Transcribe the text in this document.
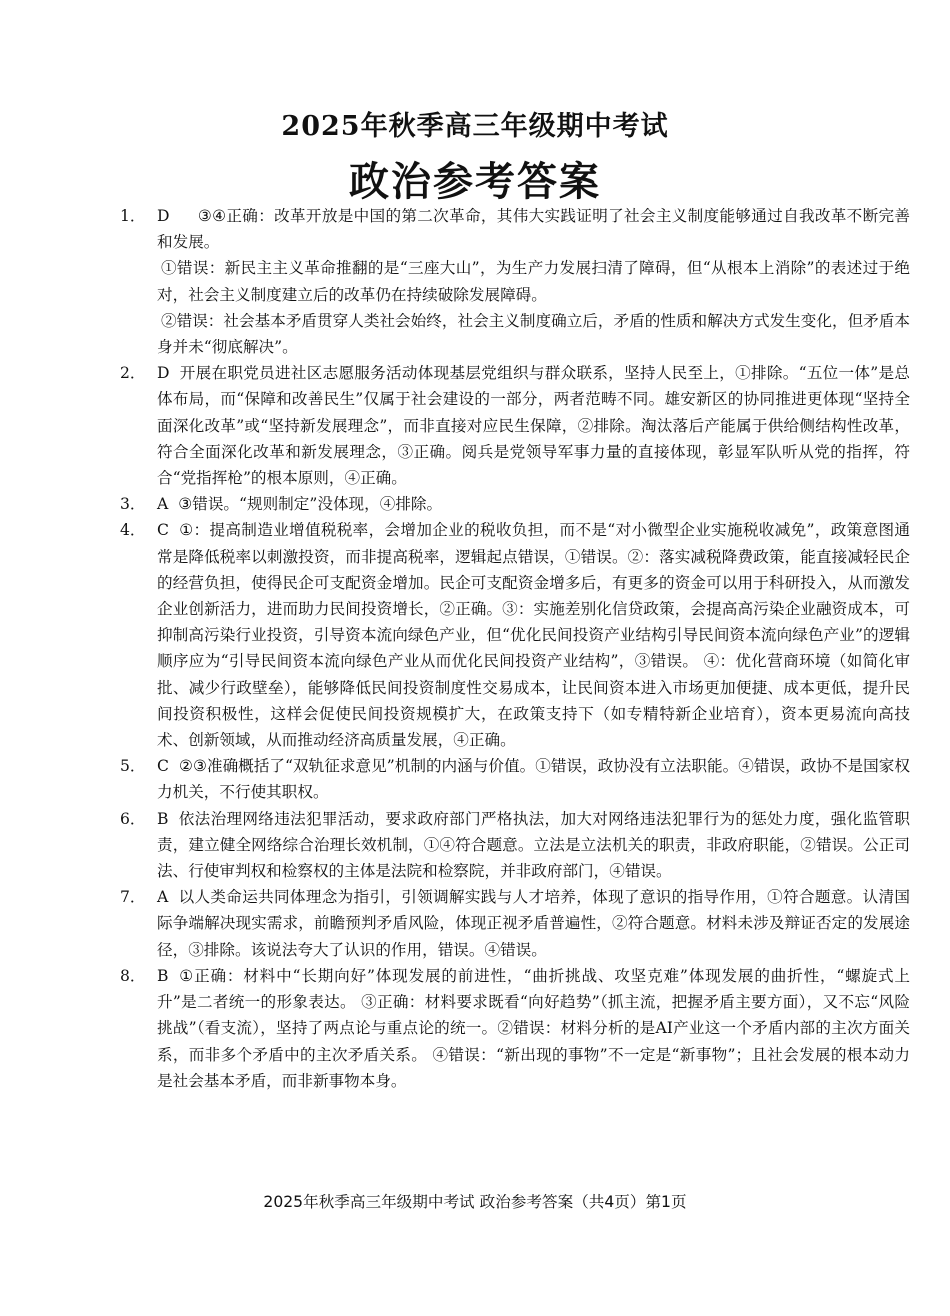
2025年秋季高三年级期中考试
政治参考答案
1． D ③④正确：改革开放是中国的第二次革命，其伟大实践证明了社会主义制度能够通过自我改革不断完善和发展。

①错误：新民主主义革命推翻的是“三座大山”，为生产力发展扫清了障碍，但“从根本上消除”的表述过于绝对，社会主义制度建立后的改革仍在持续破除发展障碍。

②错误：社会基本矛盾贯穿人类社会始终，社会主义制度确立后，矛盾的性质和解决方式发生变化，但矛盾本身并未“彻底解决”。

2． D 开展在职党员进社区志愿服务活动体现基层党组织与群众联系，坚持人民至上，①排除。“五位一体”是总体布局，而“保障和改善民生”仅属于社会建设的一部分，两者范畴不同。雄安新区的协同推进更体现“坚持全面深化改革”或“坚持新发展理念”，而非直接对应民生保障，②排除。淘汰落后产能属于供给侧结构性改革，符合全面深化改革和新发展理念，③正确。阅兵是党领导军事力量的直接体现，彰显军队听从党的指挥，符合“党指挥枪”的根本原则，④正确。
3． A ③错误。“规则制定”没体现，④排除。
4． C ①：提高制造业增值税税率，会增加企业的税收负担，而不是“对小微型企业实施税收减免”，政策意图通常是降低税率以刺激投资，而非提高税率，逻辑起点错误，①错误。②：落实减税降费政策，能直接减轻民企的经营负担，使得民企可支配资金增加。民企可支配资金增多后，有更多的资金可以用于科研投入，从而激发企业创新活力，进而助力民间投资增长，②正确。③：实施差别化信贷政策，会提高高污染企业融资成本，可抑制高污染行业投资，引导资本流向绿色产业，但“优化民间投资产业结构引导民间资本流向绿色产业”的逻辑顺序应为“引导民间资本流向绿色产业从而优化民间投资产业结构”，③错误。 ④：优化营商环境（如简化审批、减少行政壁垒），能够降低民间投资制度性交易成本，让民间资本进入市场更加便捷、成本更低，提升民间投资积极性，这样会促使民间投资规模扩大，在政策支持下（如专精特新企业培育），资本更易流向高技术、创新领域，从而推动经济高质量发展，④正确。
5． C ②③准确概括了“双轨征求意见”机制的内涵与价值。①错误，政协没有立法职能。④错误，政协不是国家权力机关，不行使其职权。
6． B 依法治理网络违法犯罪活动，要求政府部门严格执法，加大对网络违法犯罪行为的惩处力度，强化监管职责，建立健全网络综合治理长效机制，①④符合题意。立法是立法机关的职责，非政府职能，②错误。公正司法、行使审判权和检察权的主体是法院和检察院，并非政府部门，④错误。
7． A 以人类命运共同体理念为指引，引领调解实践与人才培养，体现了意识的指导作用，①符合题意。认清国际争端解决现实需求，前瞻预判矛盾风险，体现正视矛盾普遍性，②符合题意。材料未涉及辩证否定的发展途径，③排除。该说法夸大了认识的作用，错误。④错误。
8． B ①正确：材料中“长期向好”体现发展的前进性，“曲折挑战、攻坚克难”体现发展的曲折性，“螺旋式上升”是二者统一的形象表达。 ③正确：材料要求既看“向好趋势”（抓主流，把握矛盾主要方面），又不忘“风险挑战”（看支流），坚持了两点论与重点论的统一。②错误：材料分析的是AI产业这一个矛盾内部的主次方面关系，而非多个矛盾中的主次矛盾关系。 ④错误：“新出现的事物”不一定是“新事物”；且社会发展的根本动力是社会基本矛盾，而非新事物本身。
2025年秋季高三年级期中考试 政治参考答案（共4页）第1页
